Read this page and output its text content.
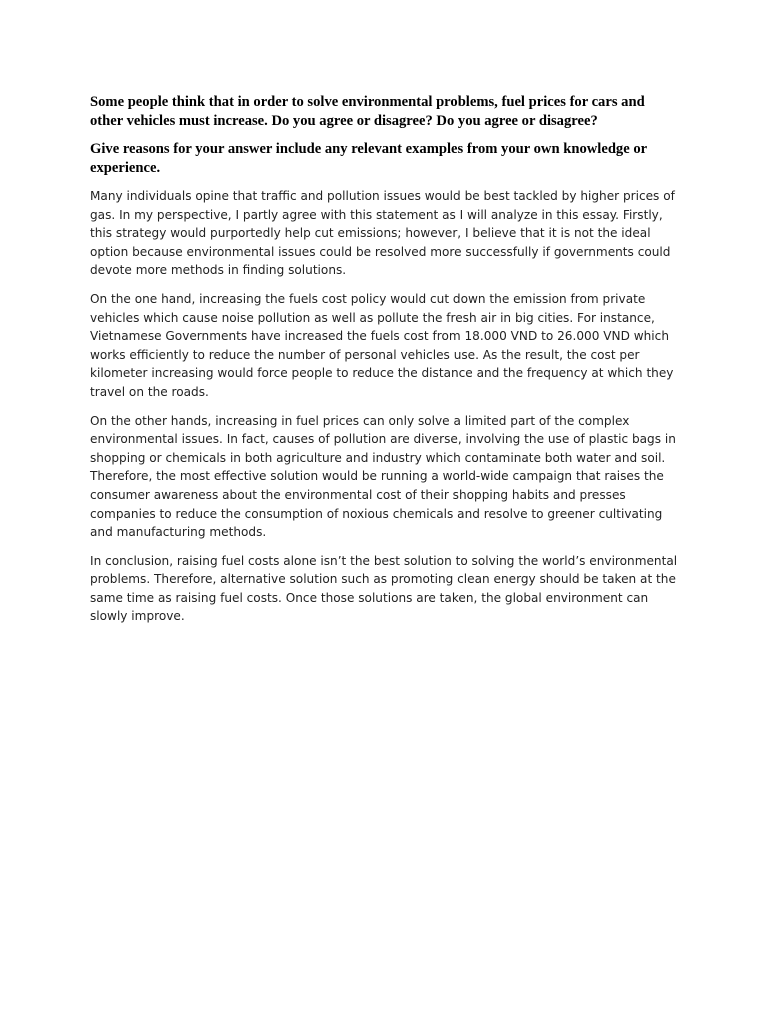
Some people think that in order to solve environmental problems, fuel prices for cars and other vehicles must increase. Do you agree or disagree? Do you agree or disagree?

Give reasons for your answer include any relevant examples from your own knowledge or experience.

Many individuals opine that traffic and pollution issues would be best tackled by higher prices of gas. In my perspective, I partly agree with this statement as I will analyze in this essay. Firstly, this strategy would purportedly help cut emissions; however, I believe that it is not the ideal option because environmental issues could be resolved more successfully if governments could devote more methods in finding solutions.

On the one hand, increasing the fuels cost policy would cut down the emission from private vehicles which cause noise pollution as well as pollute the fresh air in big cities. For instance, Vietnamese Governments have increased the fuels cost from 18.000 VND to 26.000 VND which works efficiently to reduce the number of personal vehicles use. As the result, the cost per kilometer increasing would force people to reduce the distance and the frequency at which they travel on the roads.

On the other hands, increasing in fuel prices can only solve a limited part of the complex environmental issues. In fact, causes of pollution are diverse, involving the use of plastic bags in shopping or chemicals in both agriculture and industry which contaminate both water and soil. Therefore, the most effective solution would be running a world-wide campaign that raises the consumer awareness about the environmental cost of their shopping habits and presses companies to reduce the consumption of noxious chemicals and resolve to greener cultivating and manufacturing methods.

In conclusion, raising fuel costs alone isn’t the best solution to solving the world’s environmental problems. Therefore, alternative solution such as promoting clean energy should be taken at the same time as raising fuel costs. Once those solutions are taken, the global environment can slowly improve.
